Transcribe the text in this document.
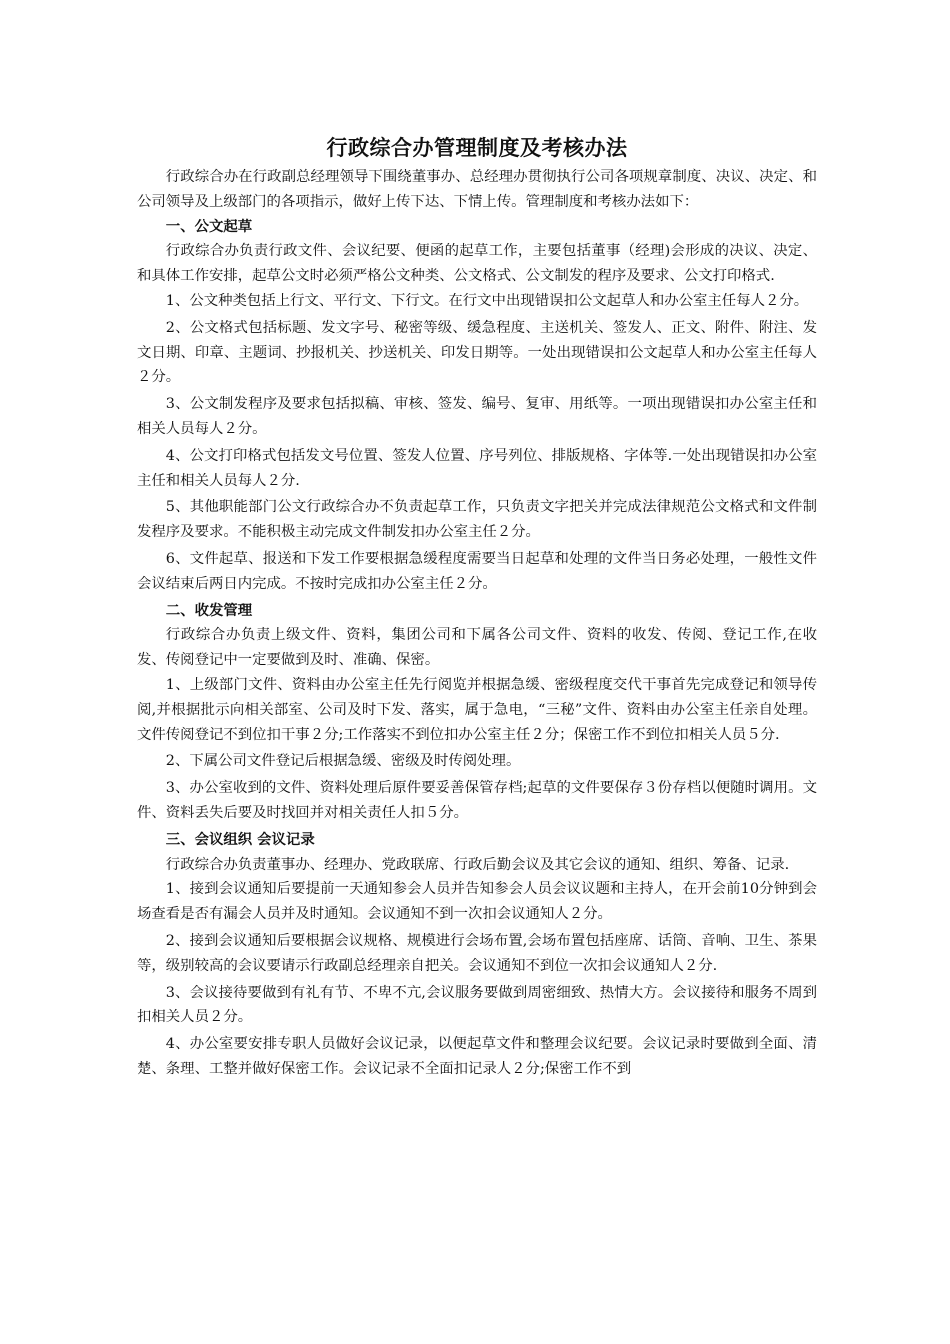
行政综合办管理制度及考核办法

行政综合办在行政副总经理领导下围绕董事办、总经理办贯彻执行公司各项规章制度、决议、决定、和公司领导及上级部门的各项指示，做好上传下达、下情上传。管理制度和考核办法如下：

一、公文起草

行政综合办负责行政文件、会议纪要、便函的起草工作，主要包括董事（经理)会形成的决议、决定、和具体工作安排，起草公文时必须严格公文种类、公文格式、公文制发的程序及要求、公文打印格式.

1、公文种类包括上行文、平行文、下行文。在行文中出现错误扣公文起草人和办公室主任每人２分。

2、公文格式包括标题、发文字号、秘密等级、缓急程度、主送机关、签发人、正文、附件、附注、发文日期、印章、主题词、抄报机关、抄送机关、印发日期等。一处出现错误扣公文起草人和办公室主任每人２分。

3、公文制发程序及要求包括拟稿、审核、签发、编号、复审、用纸等。一项出现错误扣办公室主任和相关人员每人２分。

4、公文打印格式包括发文号位置、签发人位置、序号列位、排版规格、字体等.一处出现错误扣办公室主任和相关人员每人２分.

5、其他职能部门公文行政综合办不负责起草工作，只负责文字把关并完成法律规范公文格式和文件制发程序及要求。不能积极主动完成文件制发扣办公室主任２分。

6、文件起草、报送和下发工作要根据急缓程度需要当日起草和处理的文件当日务必处理，一般性文件会议结束后两日内完成。不按时完成扣办公室主任２分。

二、收发管理

行政综合办负责上级文件、资料，集团公司和下属各公司文件、资料的收发、传阅、登记工作,在收发、传阅登记中一定要做到及时、准确、保密。

1、上级部门文件、资料由办公室主任先行阅览并根据急缓、密级程度交代干事首先完成登记和领导传阅,并根据批示向相关部室、公司及时下发、落实，属于急电，“三秘”文件、资料由办公室主任亲自处理。文件传阅登记不到位扣干事２分;工作落实不到位扣办公室主任２分；保密工作不到位扣相关人员５分.

2、下属公司文件登记后根据急缓、密级及时传阅处理。

3、办公室收到的文件、资料处理后原件要妥善保管存档;起草的文件要保存３份存档以便随时调用。文件、资料丢失后要及时找回并对相关责任人扣５分。

三、会议组织 会议记录

行政综合办负责董事办、经理办、党政联席、行政后勤会议及其它会议的通知、组织、筹备、记录.

1、接到会议通知后要提前一天通知参会人员并告知参会人员会议议题和主持人，在开会前10分钟到会场查看是否有漏会人员并及时通知。会议通知不到一次扣会议通知人２分。

2、接到会议通知后要根据会议规格、规模进行会场布置,会场布置包括座席、话筒、音响、卫生、茶果等，级别较高的会议要请示行政副总经理亲自把关。会议通知不到位一次扣会议通知人２分.

3、会议接待要做到有礼有节、不卑不亢,会议服务要做到周密细致、热情大方。会议接待和服务不周到扣相关人员２分。

4、办公室要安排专职人员做好会议记录，以便起草文件和整理会议纪要。会议记录时要做到全面、清楚、条理、工整并做好保密工作。会议记录不全面扣记录人２分;保密工作不到
